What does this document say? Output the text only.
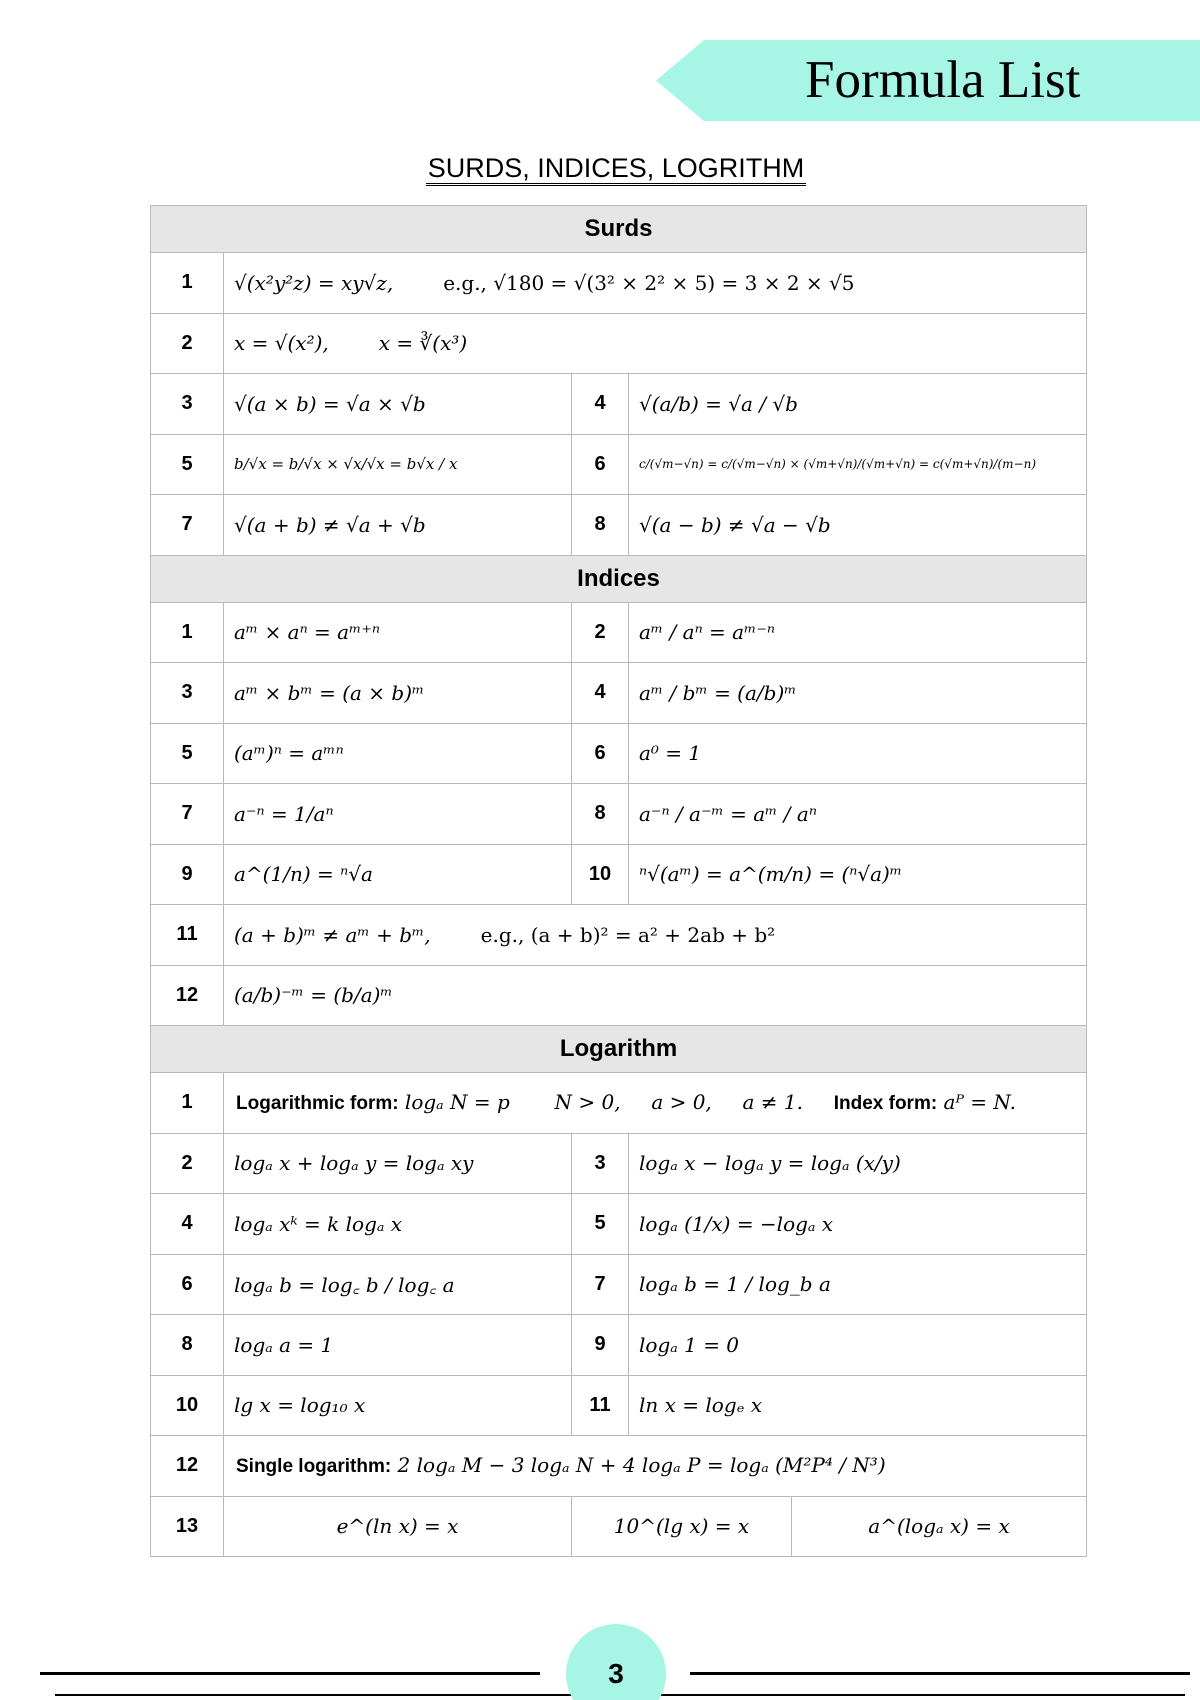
Formula List
SURDS, INDICES, LOGRITHM
Surds				
1	√(x²y²z) = xy√z, e.g., √180 = √(3² × 2² × 5) = 3 × 2 × √5			
2	x = √(x²), x = ∛(x³)			
3	√(a × b) = √a × √b	4	√(a/b) = √a / √b	
5	b/√x = b/√x × √x/√x = b√x / x	6	c/(√m−√n) = c/(√m−√n) × (√m+√n)/(√m+√n) = c(√m+√n)/(m−n)	
7	√(a + b) ≠ √a + √b	8	√(a − b) ≠ √a − √b	
Indices				
1	aᵐ × aⁿ = aᵐ⁺ⁿ	2	aᵐ / aⁿ = aᵐ⁻ⁿ	
3	aᵐ × bᵐ = (a × b)ᵐ	4	aᵐ / bᵐ = (a/b)ᵐ	
5	(aᵐ)ⁿ = aᵐⁿ	6	a⁰ = 1	
7	a⁻ⁿ = 1/aⁿ	8	a⁻ⁿ / a⁻ᵐ = aᵐ / aⁿ	
9	a^(1/n) = ⁿ√a	10	ⁿ√(aᵐ) = a^(m/n) = (ⁿ√a)ᵐ	
11	(a + b)ᵐ ≠ aᵐ + bᵐ, e.g., (a + b)² = a² + 2ab + b²			
12	(a/b)⁻ᵐ = (b/a)ᵐ			
Logarithm				
1	Logarithmic form: logₐ N = p N > 0, a > 0, a ≠ 1. Index form: aᴾ = N.			
2	logₐ x + logₐ y = logₐ xy	3	logₐ x − logₐ y = logₐ (x/y)	
4	logₐ xᵏ = k logₐ x	5	logₐ (1/x) = −logₐ x	
6	logₐ b = log꜀ b / log꜀ a	7	logₐ b = 1 / log_b a	
8	logₐ a = 1	9	logₐ 1 = 0	
10	lg x = log₁₀ x	11	ln x = logₑ x	
12	Single logarithm: 2 logₐ M − 3 logₐ N + 4 logₐ P = logₐ (M²P⁴ / N³)			
13	e^(ln x) = x	10^(lg x) = x		a^(logₐ x) = x
3
